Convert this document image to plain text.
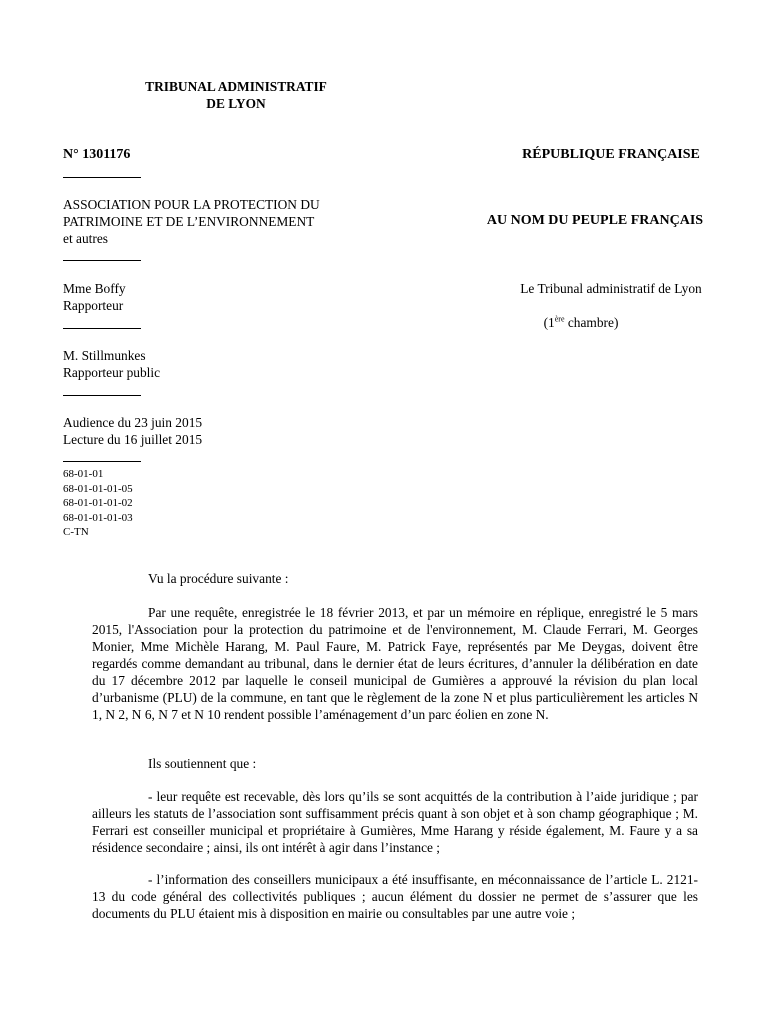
TRIBUNAL ADMINISTRATIF
DE LYON
N° 1301176
ASSOCIATION POUR LA PROTECTION DU
PATRIMOINE ET DE L’ENVIRONNEMENT
et autres
Mme Boffy
Rapporteur
M. Stillmunkes
Rapporteur public
Audience du 23 juin 2015
Lecture du 16 juillet 2015
68-01-01
68-01-01-01-05
68-01-01-01-02
68-01-01-01-03
C-TN
RÉPUBLIQUE FRANÇAISE
AU NOM DU PEUPLE FRANÇAIS
Le Tribunal administratif de Lyon
(1ère chambre)
Vu la procédure suivante :
Par une requête, enregistrée le 18 février 2013, et par un mémoire en réplique, enregistré le 5 mars 2015, l'Association pour la protection du patrimoine et de l'environnement, M. Claude Ferrari, M. Georges Monier, Mme Michèle Harang, M. Paul Faure, M. Patrick Faye, représentés par Me Deygas, doivent être regardés comme demandant au tribunal, dans le dernier état de leurs écritures, d’annuler la délibération en date du 17 décembre 2012 par laquelle le conseil municipal de Gumières a approuvé la révision du plan local d’urbanisme (PLU) de la commune, en tant que le règlement de la zone N et plus particulièrement les articles N 1, N 2, N 6, N 7 et N 10 rendent possible l’aménagement d’un parc éolien en zone N.
Ils soutiennent que :
- leur requête est recevable, dès lors qu’ils se sont acquittés de la contribution à l’aide juridique ; par ailleurs les statuts de l’association sont suffisamment précis quant à son objet et à son champ géographique ; M. Ferrari est conseiller municipal et propriétaire à Gumières, Mme Harang y réside également, M. Faure y a sa résidence secondaire ; ainsi, ils ont intérêt à agir dans l’instance ;
- l’information des conseillers municipaux a été insuffisante, en méconnaissance de l’article L. 2121-13 du code général des collectivités publiques ; aucun élément du dossier ne permet de s’assurer que les documents du PLU étaient mis à disposition en mairie ou consultables par une autre voie ;
